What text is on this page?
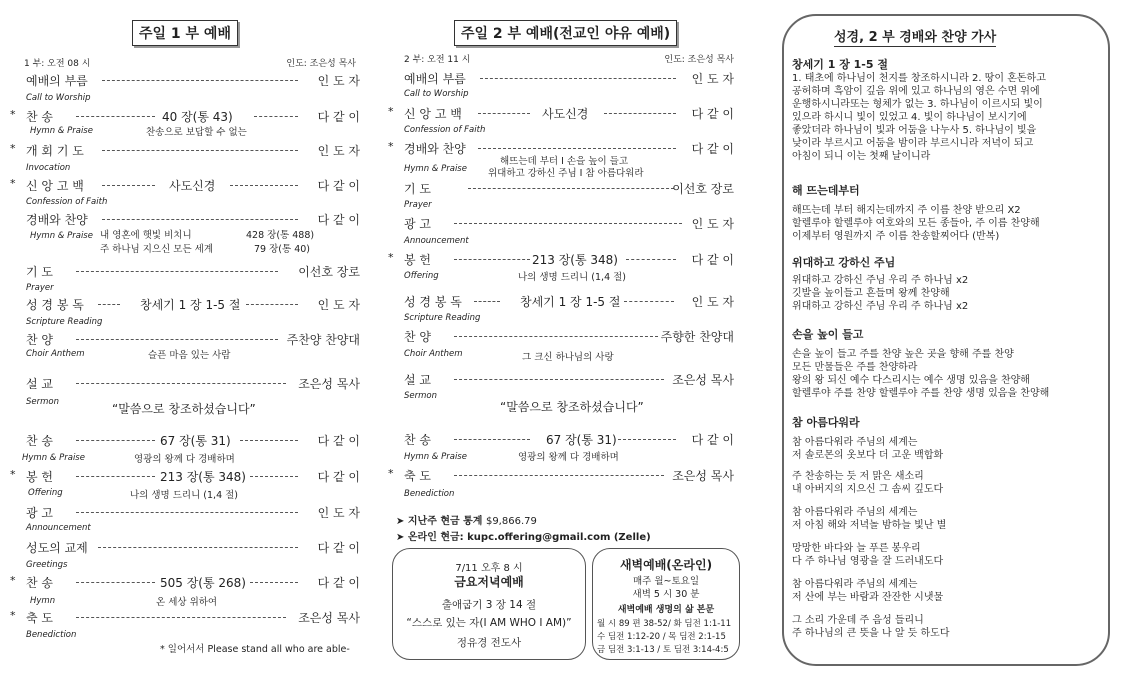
주일 1 부 예배
1 부: 오전 08 시	인도: 조은성 목사
예배의 부름	인 도 자
Call to Worship
* 찬 송	40 장(통 43)	다 같 이
Hymn & Praise	찬송으로 보답할 수 없는
* 개 회 기 도	인 도 자
Invocation
* 신 앙 고 백	사도신경	다 같 이
Confession of Faith
경배와 찬양	다 같 이
Hymn & Praise 내 영혼에 햇빛 비치니	428 장(통 488)
주 하나님 지으신 모든 세계	79 장(통 40)
기 도	이선호 장로
Prayer
성 경 봉 독	창세기 1 장 1-5 절	인 도 자
Scripture Reading
찬 양	주찬양 찬양대
Choir Anthem	슬픈 마음 있는 사람
설 교	조은성 목사
Sermon	“말씀으로 창조하셨습니다”
찬 송	67 장(통 31)	다 같 이
Hymn & Praise	영광의 왕께 다 경배하며
* 봉 헌	213 장(통 348)	다 같 이
Offering	나의 생명 드리니 (1,4 절)
광 고	인 도 자
Announcement
성도의 교제	다 같 이
Greetings
* 찬 송	505 장(통 268)	다 같 이
Hymn	온 세상 위하여
* 축 도	조은성 목사
Benediction
* 일어서서 Please stand all who are able-
주일 2 부 예배(전교인 야유 예배)
2 부: 오전 11 시	인도: 조은성 목사
예배의 부름	인 도 자
Call to Worship
* 신 앙 고 백	사도신경	다 같 이
Confession of Faith
* 경배와 찬양	다 같 이
해뜨는데 부터 I 손을 높이 들고
Hymn & Praise 위대하고 강하신 주님 I 참 아름다워라
기 도	이선호 장로
Prayer
광 고	인 도 자
Announcement
* 봉 헌	213 장(통 348)	다 같 이
Offering	나의 생명 드리니 (1,4 절)
성 경 봉 독	창세기 1 장 1-5 절	인 도 자
Scripture Reading
찬 양	주향한 찬양대
Choir Anthem	그 크신 하나님의 사랑
설 교	조은성 목사
Sermon
“말씀으로 창조하셨습니다”
찬 송	67 장(통 31)	다 같 이
Hymn & Praise	영광의 왕께 다 경배하며
* 축 도	조은성 목사
Benediction
➤ 지난주 현금 통계 $9,866.79
➤ 온라인 현금: kupc.offering@gmail.com (Zelle)
7/11 오후 8 시
금요저녁예배
출애굽기 3 장 14 절
“스스로 있는 자(I AM WHO I AM)”
정유경 전도사
새벽예배(온라인)
매주 월~토요일
새벽 5 시 30 분
새벽예배 생명의 삶 본문
월 시 89 편 38-52/ 화 딤전 1:1-11
수 딤전 1:12-20 / 목 딤전 2:1-15
금 딤전 3:1-13 / 토 딤전 3:14-4:5
성경, 2 부 경배와 찬양 가사
창세기 1 장 1-5 절
1. 태초에 하나님이 천지를 창조하시니라 2. 땅이 혼돈하고
공허하며 흑암이 깊음 위에 있고 하나님의 영은 수면 위에
운행하시니라또는 형체가 없는 3. 하나님이 이르시되 빛이
있으라 하시니 빛이 있었고 4. 빛이 하나님이 보시기에
좋았더라 하나님이 빛과 어둠을 나누사 5. 하나님이 빛을
낮이라 부르시고 어둠을 밤이라 부르시니라 저녁이 되고
아침이 되니 이는 첫째 날이니라
해 뜨는데부터
해뜨는데 부터 해지는데까지 주 이름 찬양 받으리 X2
할렐루야 할렐루야 여호와의 모든 종들아, 주 이름 찬양해
이제부터 영원까지 주 이름 찬송할찌어다 (반복)
위대하고 강하신 주님
위대하고 강하신 주님 우리 주 하나님 x2
깃발을 높이들고 흔들며 왕께 찬양해
위대하고 강하신 주님 우리 주 하나님 x2
손을 높이 들고
손을 높이 들고 주를 찬양 높은 곳을 향해 주를 찬양
모든 만물들은 주를 찬양하라
왕의 왕 되신 예수 다스리시는 예수 생명 있음을 찬양해
할렐루야 주를 찬양 할렐루야 주를 찬양 생명 있음을 찬양해
참 아름다워라
참 아름다워라 주님의 세계는
저 솔로몬의 옷보다 더 고운 백합화
주 찬송하는 듯 저 맑은 새소리
내 아버지의 지으신 그 솜씨 깊도다
참 아름다워라 주님의 세계는
저 아침 해와 저녁놀 밤하늘 빛난 별
망망한 바다와 늘 푸른 봉우리
다 주 하나님 영광을 잘 드러내도다
참 아름다워라 주님의 세계는
저 산에 부는 바람과 잔잔한 시냇물
그 소리 가운데 주 음성 들리니
주 하나님의 큰 뜻을 나 알 듯 하도다
